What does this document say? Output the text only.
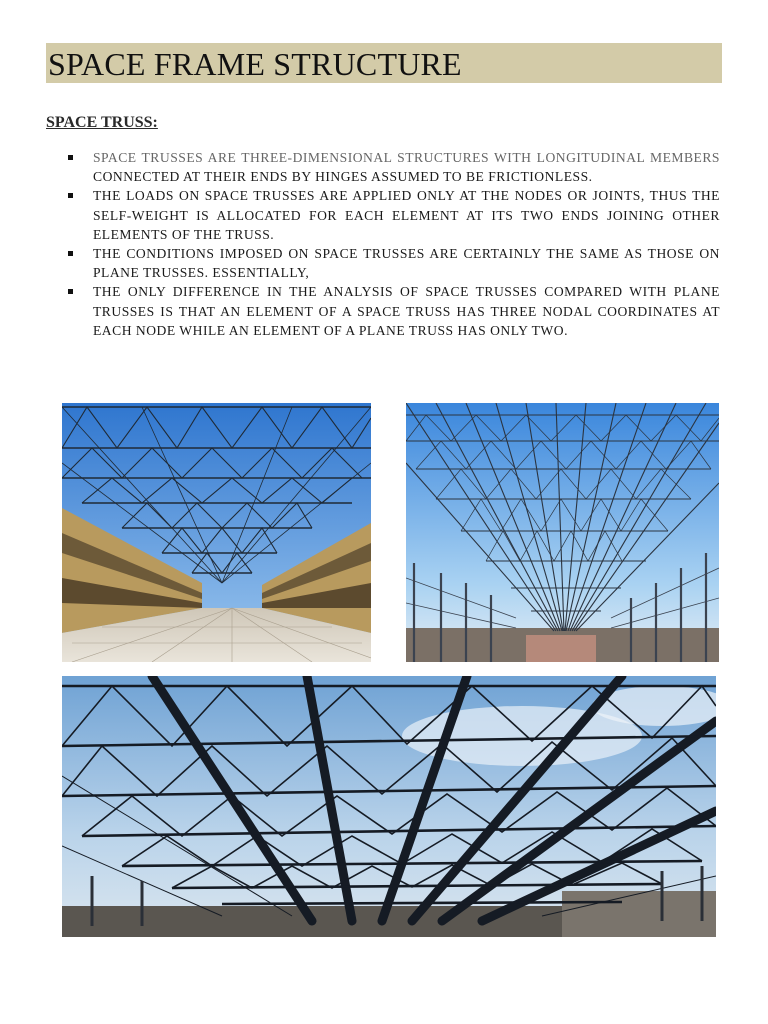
SPACE FRAME STRUCTURE
SPACE TRUSS:
SPACE TRUSSES ARE THREE-DIMENSIONAL STRUCTURES WITH LONGITUDINAL MEMBERS CONNECTED AT THEIR ENDS BY HINGES ASSUMED TO BE FRICTIONLESS.
THE LOADS ON SPACE TRUSSES ARE APPLIED ONLY AT THE NODES OR JOINTS, THUS THE SELF-WEIGHT IS ALLOCATED FOR EACH ELEMENT AT ITS TWO ENDS JOINING OTHER ELEMENTS OF THE TRUSS.
THE CONDITIONS IMPOSED ON SPACE TRUSSES ARE CERTAINLY THE SAME AS THOSE ON PLANE TRUSSES. ESSENTIALLY,
THE ONLY DIFFERENCE IN THE ANALYSIS OF SPACE TRUSSES COMPARED WITH PLANE TRUSSES IS THAT AN ELEMENT OF A SPACE TRUSS HAS THREE NODAL COORDINATES AT EACH NODE WHILE AN ELEMENT OF A PLANE TRUSS HAS ONLY TWO.
